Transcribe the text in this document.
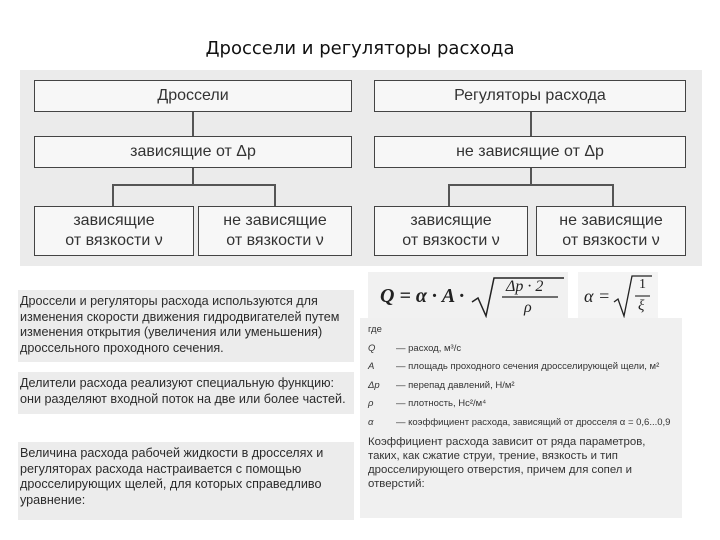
Дроссели и регуляторы расхода
Дроссели	Регуляторы расхода
зависящие от Δp	не зависящие от Δp
зависящие
от вязкости ν
не зависящие
от вязкости ν
зависящие
от вязкости ν
не зависящие
от вязкости ν

Дроссели и регуляторы расхода используются для изменения скорости движения гидродвигателей путем изменения открытия (увеличения или уменьшения) дроссельного проходного сечения.

Делители расхода реализуют специальную функцию: они разделяют входной поток на две или более частей.

Величина расхода рабочей жидкости в дросселях и регуляторах расхода настраивается с помощью дросселирующих щелей, для которых справедливо уравнение:

Q = α · A ·	Δp · 2
ρ
α =
1
ξ
где
Q	— расход, м³/с
A	— площадь проходного сечения дросселирующей щели, м²
Δp	— перепад давлений, Н/м²
ρ	— плотность, Нс²/м⁴
α	— коэффициент расхода, зависящий от дросселя α = 0,6...0,9
Коэффициент расхода зависит от ряда параметров, таких, как сжатие струи, трение, вязкость и тип дросселирующего отверстия, причем для сопел и отверстий:
